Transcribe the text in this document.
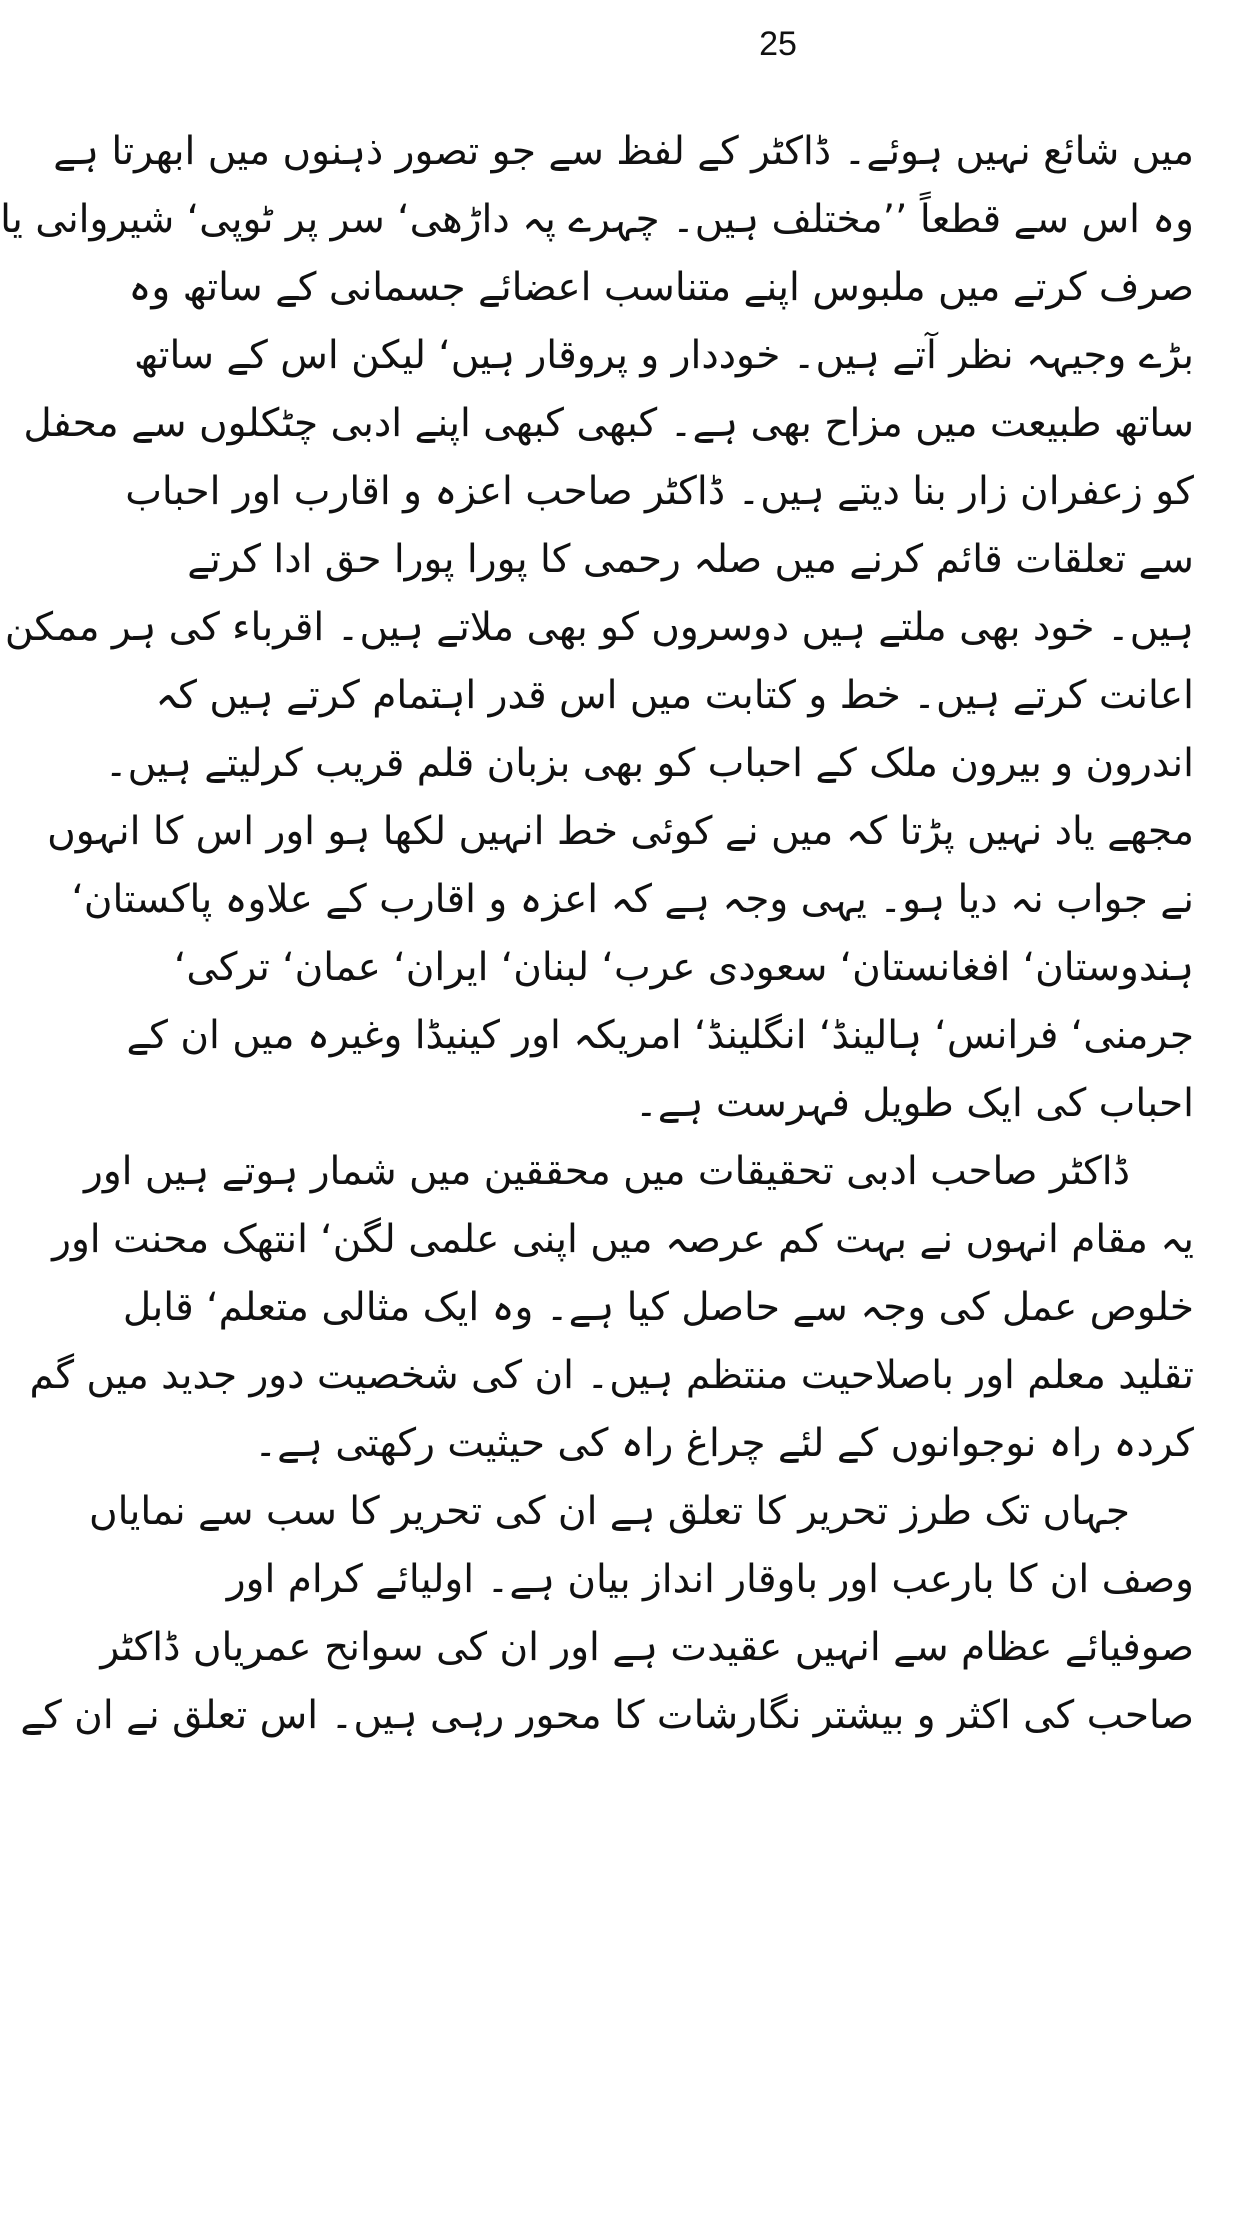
25
میں شائع نہیں ہوئے۔ ڈاکٹر کے لفظ سے جو تصور ذہنوں میں ابھرتا ہے
وہ اس سے قطعاً ’’مختلف ہیں۔ چہرے پہ داڑھی‘ سر پر ٹوپی‘ شیروانی یا
صرف کرتے میں ملبوس اپنے متناسب اعضائے جسمانی کے ساتھ وہ
بڑے وجیہہ نظر آتے ہیں۔ خوددار و پروقار ہیں‘ لیکن اس کے ساتھ
ساتھ طبیعت میں مزاح بھی ہے۔ کبھی کبھی اپنے ادبی چٹکلوں سے محفل
کو زعفران زار بنا دیتے ہیں۔ ڈاکٹر صاحب اعزہ و اقارب اور احباب
سے تعلقات قائم کرنے میں صلہ رحمی کا پورا پورا حق ادا کرتے
ہیں۔ خود بھی ملتے ہیں دوسروں کو بھی ملاتے ہیں۔ اقرباء کی ہر ممکن
اعانت کرتے ہیں۔ خط و کتابت میں اس قدر اہتمام کرتے ہیں کہ
اندرون و بیرون ملک کے احباب کو بھی بزبان قلم قریب کرلیتے ہیں۔
مجھے یاد نہیں پڑتا کہ میں نے کوئی خط انہیں لکھا ہو اور اس کا انہوں
نے جواب نہ دیا ہو۔ یہی وجہ ہے کہ اعزہ و اقارب کے علاوہ پاکستان‘
ہندوستان‘ افغانستان‘ سعودی عرب‘ لبنان‘ ایران‘ عمان‘ ترکی‘
جرمنی‘ فرانس‘ ہالینڈ‘ انگلینڈ‘ امریکہ اور کینیڈا وغیرہ میں ان کے
احباب کی ایک طویل فہرست ہے۔
ڈاکٹر صاحب ادبی تحقیقات میں محققین میں شمار ہوتے ہیں اور
یہ مقام انہوں نے بہت کم عرصہ میں اپنی علمی لگن‘ انتھک محنت اور
خلوص عمل کی وجہ سے حاصل کیا ہے۔ وہ ایک مثالی متعلم‘ قابل
تقلید معلم اور باصلاحیت منتظم ہیں۔ ان کی شخصیت دور جدید میں گم
کردہ راہ نوجوانوں کے لئے چراغ راہ کی حیثیت رکھتی ہے۔
جہاں تک طرز تحریر کا تعلق ہے ان کی تحریر کا سب سے نمایاں
وصف ان کا بارعب اور باوقار انداز بیان ہے۔ اولیائے کرام اور
صوفیائے عظام سے انہیں عقیدت ہے اور ان کی سوانح عمریاں ڈاکٹر
صاحب کی اکثر و بیشتر نگارشات کا محور رہی ہیں۔ اس تعلق نے ان کے
